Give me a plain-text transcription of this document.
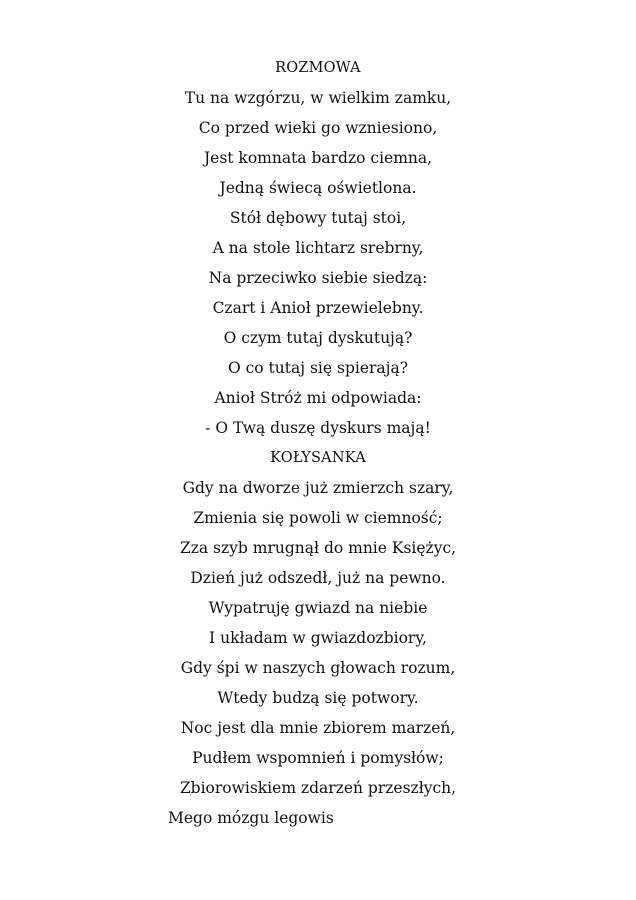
ROZMOWA
Tu na wzgórzu, w wielkim zamku,
Co przed wieki go wzniesiono,
Jest komnata bardzo ciemna,
Jedną świecą oświetlona.
Stół dębowy tutaj stoi,
A na stole lichtarz srebrny,
Na przeciwko siebie siedzą:
Czart i Anioł przewielebny.
O czym tutaj dyskutują?
O co tutaj się spierają?
Anioł Stróż mi odpowiada:
- O Twą duszę dyskurs mają!
KOŁYSANKA
Gdy na dworze już zmierzch szary,
Zmienia się powoli w ciemność;
Zza szyb mrugnął do mnie Księżyc,
Dzień już odszedł, już na pewno.
Wypatruję gwiazd na niebie
I układam w gwiazdozbiory,
Gdy śpi w naszych głowach rozum,
Wtedy budzą się potwory.
Noc jest dla mnie zbiorem marzeń,
Pudłem wspomnień i pomysłów;
Zbiorowiskiem zdarzeń przeszłych,
Mego mózgu legowis
